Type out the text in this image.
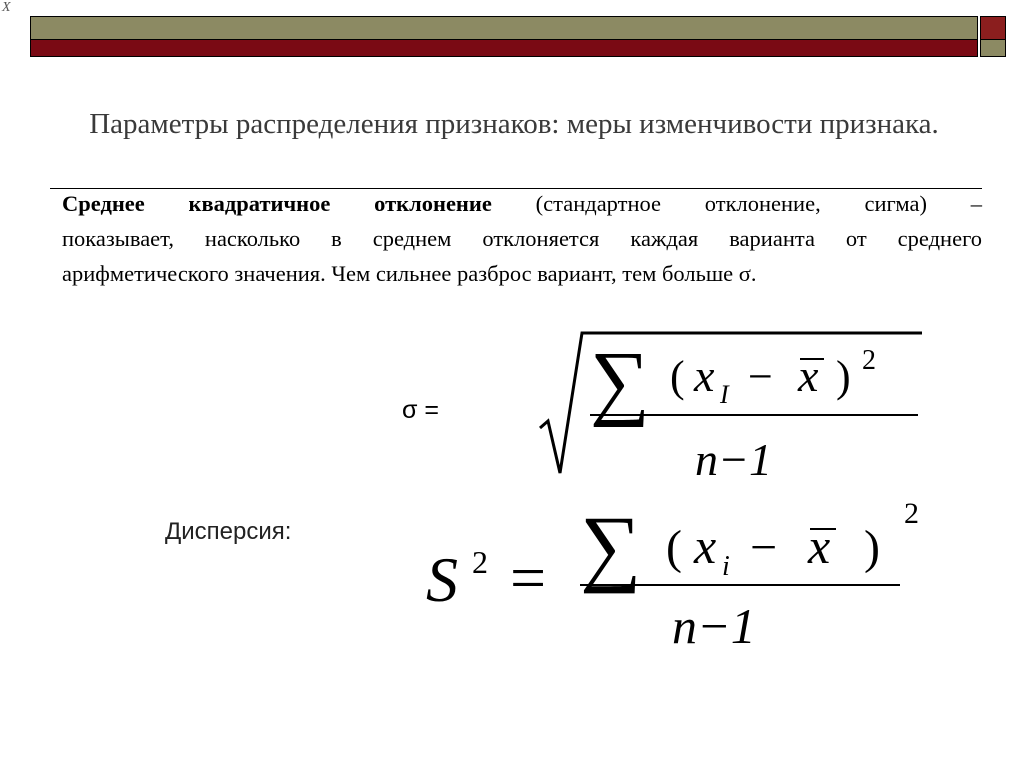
$\overline{X}$
Параметры распределения признаков: меры изменчивости признака.
Среднее квадратичное отклонение (стандартное отклонение, сигма) –
показывает, насколько в среднем отклоняется каждая варианта от среднего
арифметического значения. Чем сильнее разброс вариант, тем больше σ.
σ = ∑ ( x I − x ) 2
n−1
Дисперсия:
S 2 = ∑ ( x i − x )
2
n−1
